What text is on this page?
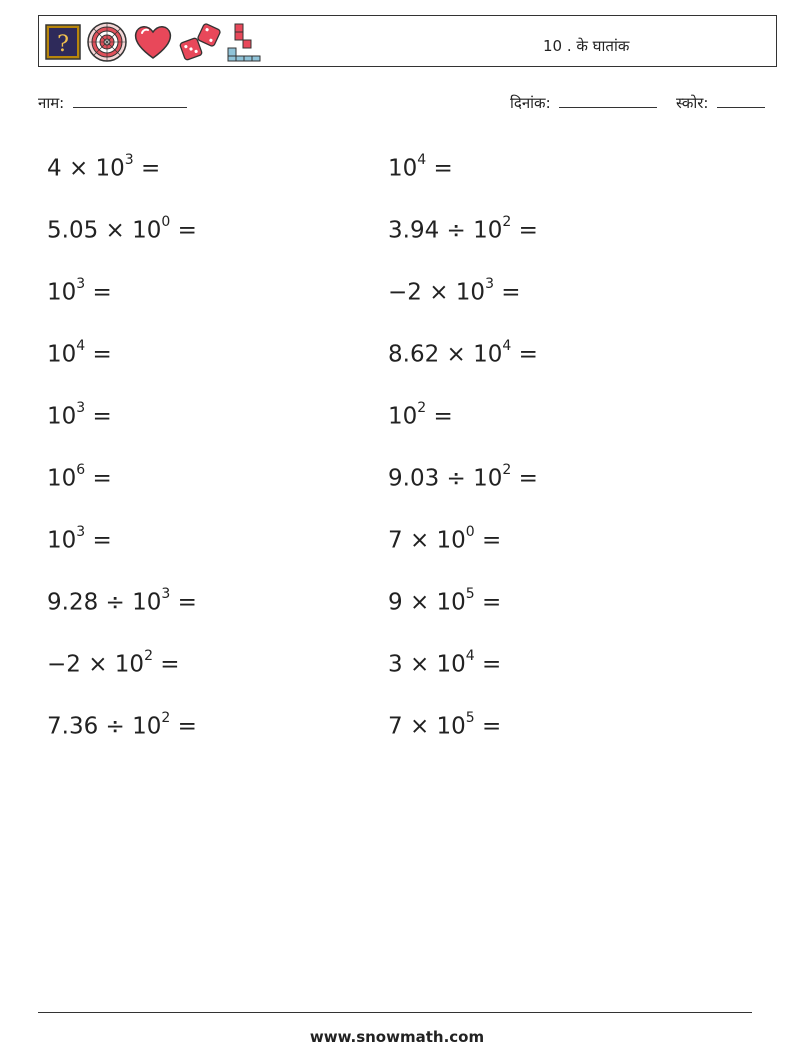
?	10 . के घातांक
नाम:	दिनांक:	स्कोर:
$4 \times 10^3$ =
$5.05 \times 10^0$ =
$10^3$ =
$10^4$ =
$10^3$ =
$10^6$ =
$10^3$ =
$9.28 \div 10^3$ =
$-2 \times 10^2$ =
$7.36 \div 10^2$ =
$10^4$ =
$3.94 \div 10^2$ =
$-2 \times 10^3$ =
$8.62 \times 10^4$ =
$10^2$ =
$9.03 \div 10^2$ =
$7 \times 10^0$ =
$9 \times 10^5$ =
$3 \times 10^4$ =
$7 \times 10^5$ =
www.snowmath.com
